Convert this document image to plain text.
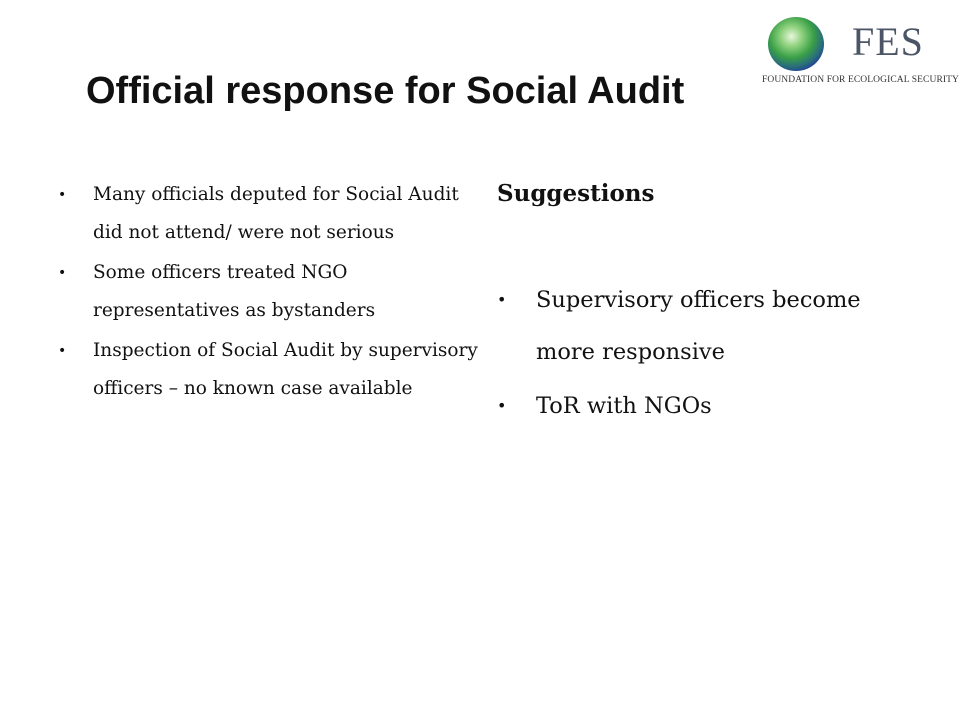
FES
FOUNDATION FOR ECOLOGICAL SECURITY
Official response for Social Audit
• Many officials deputed for Social Audit did not attend/ were not serious
• Some officers treated NGO representatives as bystanders
• Inspection of Social Audit by supervisory officers – no known case available
Suggestions
• Supervisory officers become more responsive
• ToR with NGOs
